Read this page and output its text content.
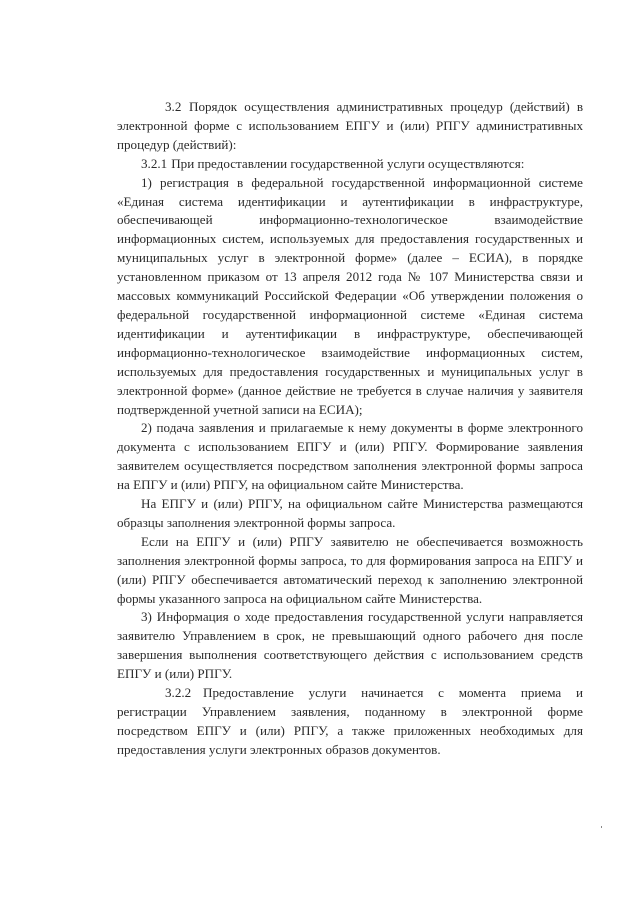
3.2 Порядок осуществления административных процедур (действий) в электронной форме с использованием ЕПГУ и (или) РПГУ административных процедур (действий):

3.2.1 При предоставлении государственной услуги осуществляются:

1) регистрация в федеральной государственной информационной системе «Единая система идентификации и аутентификации в инфраструктуре, обеспечивающей информационно-технологическое взаимодействие информационных систем, используемых для предоставления государственных и муниципальных услуг в электронной форме» (далее – ЕСИА), в порядке установленном приказом от 13 апреля 2012 года № 107 Министерства связи и массовых коммуникаций Российской Федерации «Об утверждении положения о федеральной государственной информационной системе «Единая система идентификации и аутентификации в инфраструктуре, обеспечивающей информационно-технологическое взаимодействие информационных систем, используемых для предоставления государственных и муниципальных услуг в электронной форме» (данное действие не требуется в случае наличия у заявителя подтвержденной учетной записи на ЕСИА);

2) подача заявления и прилагаемые к нему документы в форме электронного документа с использованием ЕПГУ и (или) РПГУ. Формирование заявления заявителем осуществляется посредством заполнения электронной формы запроса на ЕПГУ и (или) РПГУ, на официальном сайте Министерства.

На ЕПГУ и (или) РПГУ, на официальном сайте Министерства размещаются образцы заполнения электронной формы запроса.

Если на ЕПГУ и (или) РПГУ заявителю не обеспечивается возможность заполнения электронной формы запроса, то для формирования запроса на ЕПГУ и (или) РПГУ обеспечивается автоматический переход к заполнению электронной формы указанного запроса на официальном сайте Министерства.

3) Информация о ходе предоставления государственной услуги направляется заявителю Управлением в срок, не превышающий одного рабочего дня после завершения выполнения соответствующего действия с использованием средств ЕПГУ и (или) РПГУ.

3.2.2 Предоставление услуги начинается с момента приема и регистрации Управлением заявления, поданному в электронной форме посредством ЕПГУ и (или) РПГУ, а также приложенных необходимых для предоставления услуги электронных образов документов.
